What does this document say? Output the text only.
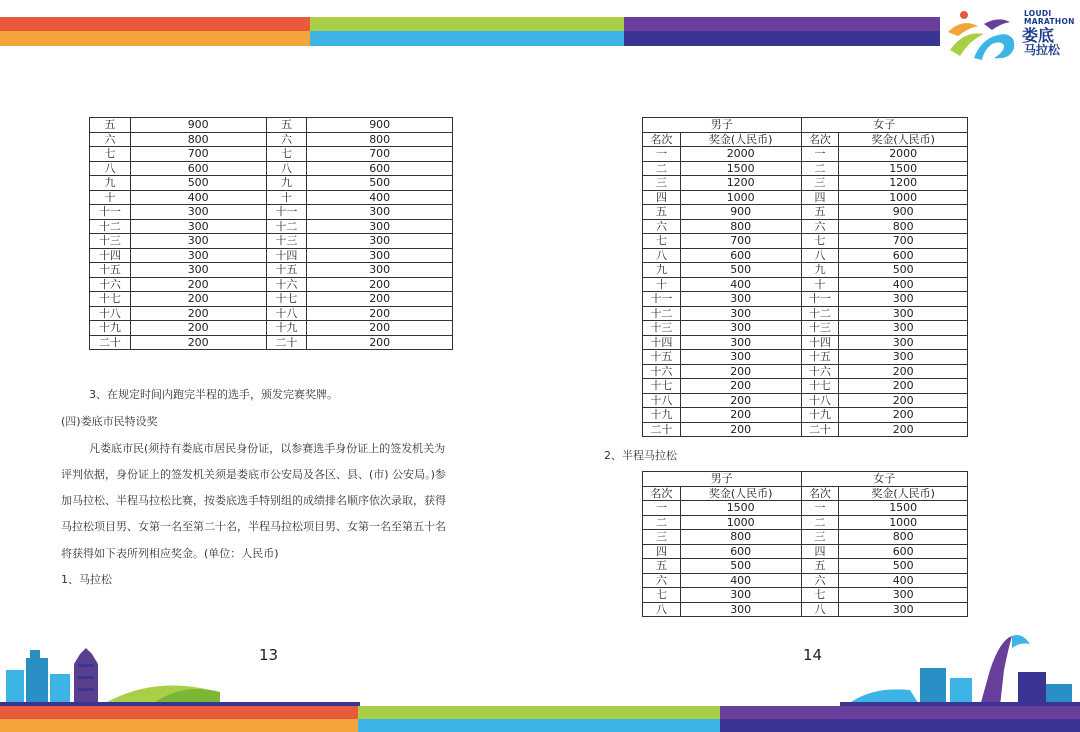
LOUDI
MARATHON
娄底
马拉松
五	900	五	900
六	800	六	800
七	700	七	700
八	600	八	600
九	500	九	500
十	400	十	400
十一	300	十一	300
十二	300	十二	300
十三	300	十三	300
十四	300	十四	300
十五	300	十五	300
十六	200	十六	200
十七	200	十七	200
十八	200	十八	200
十九	200	十九	200
二十	200	二十	200
3、在规定时间内跑完半程的选手，颁发完赛奖牌。
(四)娄底市民特设奖
凡娄底市民(须持有娄底市居民身份证，以参赛选手身份证上的签发机关为
评判依据，身份证上的签发机关须是娄底市公安局及各区、县、(市) 公安局。)参
加马拉松、半程马拉松比赛，按娄底选手特别组的成绩排名顺序依次录取，获得
马拉松项目男、女第一名至第二十名，半程马拉松项目男、女第一名至第五十名
将获得如下表所列相应奖金。(单位：人民币)
1、马拉松
13
男子		女子	
名次	奖金(人民币)	名次	奖金(人民币)
一	2000	一	2000
二	1500	二	1500
三	1200	三	1200
四	1000	四	1000
五	900	五	900
六	800	六	800
七	700	七	700
八	600	八	600
九	500	九	500
十	400	十	400
十一	300	十一	300
十二	300	十二	300
十三	300	十三	300
十四	300	十四	300
十五	300	十五	300
十六	200	十六	200
十七	200	十七	200
十八	200	十八	200
十九	200	十九	200
二十	200	二十	200
2、半程马拉松
男子		女子	
名次	奖金(人民币)	名次	奖金(人民币)
一	1500	一	1500
二	1000	二	1000
三	800	三	800
四	600	四	600
五	500	五	500
六	400	六	400
七	300	七	300
八	300	八	300
14
